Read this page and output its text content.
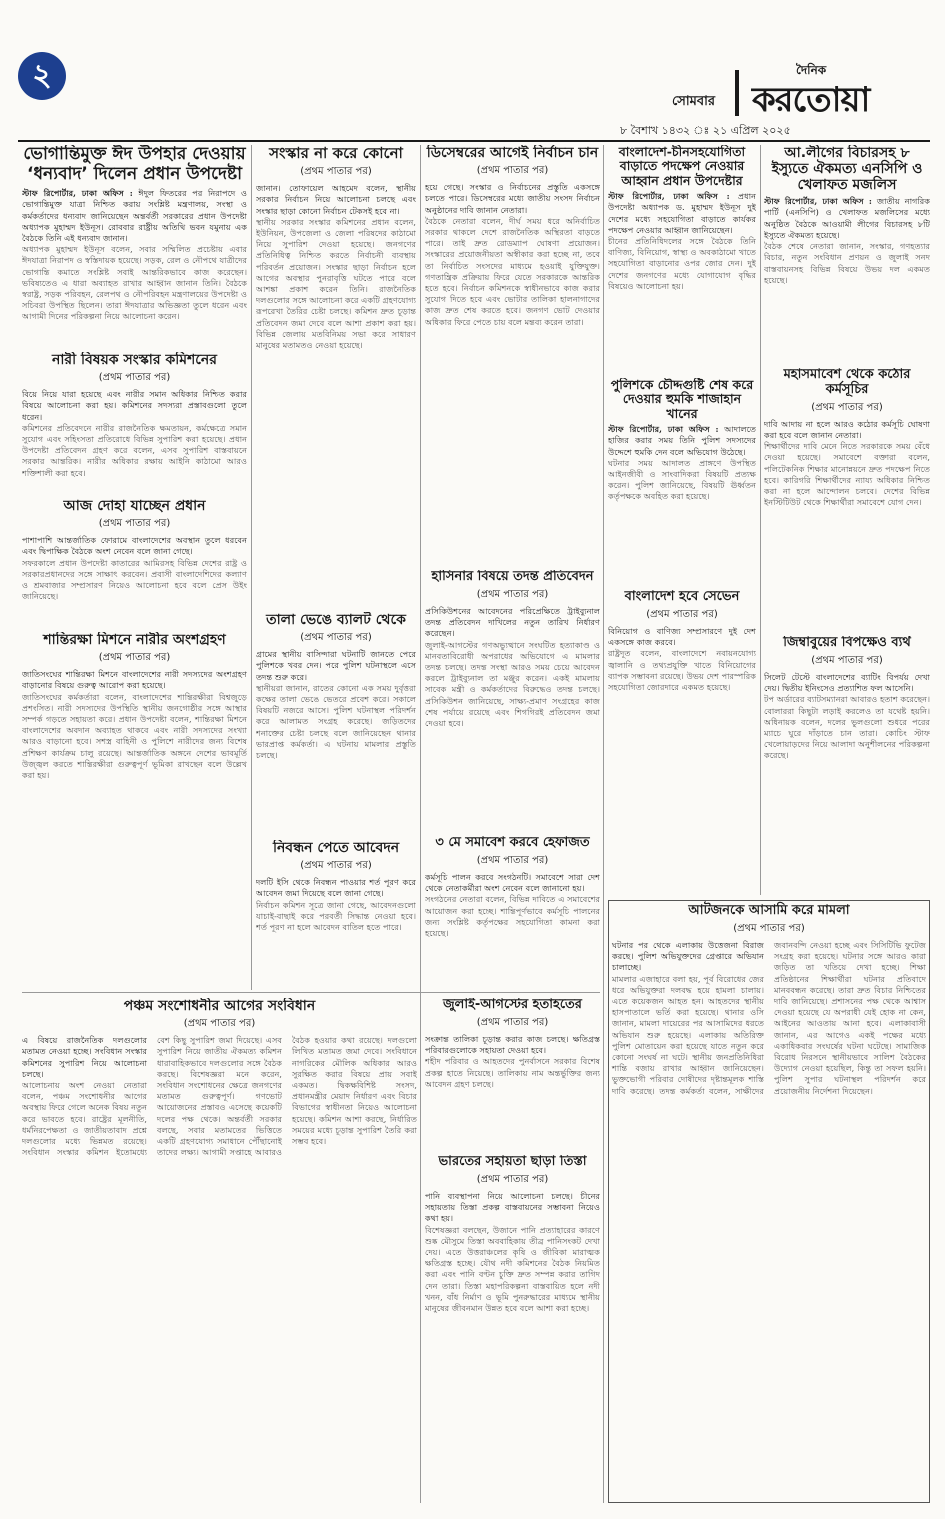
২
সোমবার
দৈনিক
করতোয়া
৮ বৈশাখ ১৪৩২ ঃ ২১ এপ্রিল ২০২৫
ভোগান্তিমুক্ত ঈদ উপহার দেওয়ায় ‘ধন্যবাদ’ দিলেন প্রধান উপদেষ্টা

স্টাফ রিপোর্টার, ঢাকা অফিস : ঈদুল ফিতরের পর নিরাপদে ও ভোগান্তিমুক্ত যাত্রা নিশ্চিত করায় সংশ্লিষ্ট মন্ত্রণালয়, সংস্থা ও কর্মকর্তাদের ধন্যবাদ জানিয়েছেন অন্তর্বর্তী সরকারের প্রধান উপদেষ্টা অধ্যাপক মুহাম্মদ ইউনূস। রোববার রাষ্ট্রীয় অতিথি ভবন যমুনায় এক বৈঠকে তিনি এই ধন্যবাদ জানান।

অধ্যাপক মুহাম্মদ ইউনূস বলেন, সবার সম্মিলিত প্রচেষ্টায় এবার ঈদযাত্রা নিরাপদ ও স্বস্তিদায়ক হয়েছে। সড়ক, রেল ও নৌপথে যাত্রীদের ভোগান্তি কমাতে সংশ্লিষ্ট সবাই আন্তরিকভাবে কাজ করেছেন। ভবিষ্যতেও এ ধারা অব্যাহত রাখার আহ্বান জানান তিনি। বৈঠকে স্বরাষ্ট্র, সড়ক পরিবহন, রেলপথ ও নৌপরিবহন মন্ত্রণালয়ের উপদেষ্টা ও সচিবরা উপস্থিত ছিলেন। তারা ঈদযাত্রার অভিজ্ঞতা তুলে ধরেন এবং আগামী দিনের পরিকল্পনা নিয়ে আলোচনা করেন।

নারী বিষয়ক সংস্কার কমিশনের
(প্রথম পাতার পর)

বিয়ে নিয়ে যারা হয়েছে এবং নারীর সমান অধিকার নিশ্চিত করার বিষয়ে আলোচনা করা হয়। কমিশনের সদস্যরা প্রস্তাবগুলো তুলে ধরেন।

কমিশনের প্রতিবেদনে নারীর রাজনৈতিক ক্ষমতায়ন, কর্মক্ষেত্রে সমান সুযোগ এবং সহিংসতা প্রতিরোধে বিভিন্ন সুপারিশ করা হয়েছে। প্রধান উপদেষ্টা প্রতিবেদন গ্রহণ করে বলেন, এসব সুপারিশ বাস্তবায়নে সরকার আন্তরিক। নারীর অধিকার রক্ষায় আইনি কাঠামো আরও শক্তিশালী করা হবে।

আজ দোহা যাচ্ছেন প্রধান
(প্রথম পাতার পর)

পাশাপাশি আন্তর্জাতিক ফোরামে বাংলাদেশের অবস্থান তুলে ধরবেন এবং দ্বিপাক্ষিক বৈঠকে অংশ নেবেন বলে জানা গেছে।

সফরকালে প্রধান উপদেষ্টা কাতারের আমিরসহ বিভিন্ন দেশের রাষ্ট্র ও সরকারপ্রধানদের সঙ্গে সাক্ষাৎ করবেন। প্রবাসী বাংলাদেশিদের কল্যাণ ও শ্রমবাজার সম্প্রসারণ নিয়েও আলোচনা হবে বলে প্রেস উইং জানিয়েছে।

শান্তিরক্ষা মিশনে নারীর অংশগ্রহণ
(প্রথম পাতার পর)

জাতিসংঘের শান্তিরক্ষা মিশনে বাংলাদেশের নারী সদস্যদের অংশগ্রহণ বাড়ানোর বিষয়ে গুরুত্ব আরোপ করা হয়েছে।

জাতিসংঘের কর্মকর্তারা বলেন, বাংলাদেশের শান্তিরক্ষীরা বিশ্বজুড়ে প্রশংসিত। নারী সদস্যদের উপস্থিতি স্থানীয় জনগোষ্ঠীর সঙ্গে আস্থার সম্পর্ক গড়তে সহায়তা করে। প্রধান উপদেষ্টা বলেন, শান্তিরক্ষা মিশনে বাংলাদেশের অবদান অব্যাহত থাকবে এবং নারী সদস্যদের সংখ্যা আরও বাড়ানো হবে। সশস্ত্র বাহিনী ও পুলিশে নারীদের জন্য বিশেষ প্রশিক্ষণ কার্যক্রম চালু রয়েছে। আন্তর্জাতিক অঙ্গনে দেশের ভাবমূর্তি উজ্জ্বল করতে শান্তিরক্ষীরা গুরুত্বপূর্ণ ভূমিকা রাখছেন বলে উল্লেখ করা হয়।

সংস্কার না করে কোনো
(প্রথম পাতার পর)

জানান। তোফায়েল আহমেদ বলেন, স্থানীয় সরকার নির্বাচন নিয়ে আলোচনা চলছে এবং সংস্কার ছাড়া কোনো নির্বাচন টেকসই হবে না।

স্থানীয় সরকার সংস্কার কমিশনের প্রধান বলেন, ইউনিয়ন, উপজেলা ও জেলা পরিষদের কাঠামো নিয়ে সুপারিশ দেওয়া হয়েছে। জনগণের প্রতিনিধিত্ব নিশ্চিত করতে নির্বাচনী ব্যবস্থায় পরিবর্তন প্রয়োজন। সংস্কার ছাড়া নির্বাচন হলে আগের অবস্থার পুনরাবৃত্তি ঘটতে পারে বলে আশঙ্কা প্রকাশ করেন তিনি। রাজনৈতিক দলগুলোর সঙ্গে আলোচনা করে একটি গ্রহণযোগ্য রূপরেখা তৈরির চেষ্টা চলছে। কমিশন দ্রুত চূড়ান্ত প্রতিবেদন জমা দেবে বলে আশা প্রকাশ করা হয়। বিভিন্ন জেলায় মতবিনিময় সভা করে সাধারণ মানুষের মতামতও নেওয়া হয়েছে।

তালা ভেঙে ব্যালট থেকে
(প্রথম পাতার পর)

গ্রামের স্থানীয় বাসিন্দারা ঘটনাটি জানতে পেরে পুলিশকে খবর দেন। পরে পুলিশ ঘটনাস্থলে এসে তদন্ত শুরু করে।

স্থানীয়রা জানান, রাতের কোনো এক সময় দুর্বৃত্তরা কক্ষের তালা ভেঙে ভেতরে প্রবেশ করে। সকালে বিষয়টি নজরে আসে। পুলিশ ঘটনাস্থল পরিদর্শন করে আলামত সংগ্রহ করেছে। জড়িতদের শনাক্তের চেষ্টা চলছে বলে জানিয়েছেন থানার ভারপ্রাপ্ত কর্মকর্তা। এ ঘটনায় মামলার প্রস্তুতি চলছে।

নিবন্ধন পেতে আবেদন
(প্রথম পাতার পর)

দলটি ইসি থেকে নিবন্ধন পাওয়ার শর্ত পূরণ করে আবেদন জমা দিয়েছে বলে জানা গেছে।

নির্বাচন কমিশন সূত্রে জানা গেছে, আবেদনগুলো যাচাই-বাছাই করে পরবর্তী সিদ্ধান্ত নেওয়া হবে। শর্ত পূরণ না হলে আবেদন বাতিল হতে পারে।

ডিসেম্বরের আগেই নির্বাচন চান
(প্রথম পাতার পর)

হয়ে গেছে। সংস্কার ও নির্বাচনের প্রস্তুতি একসঙ্গে চলতে পারে। ডিসেম্বরের মধ্যে জাতীয় সংসদ নির্বাচন অনুষ্ঠানের দাবি জানান নেতারা।

বৈঠকে নেতারা বলেন, দীর্ঘ সময় ধরে অনির্বাচিত সরকার থাকলে দেশে রাজনৈতিক অস্থিরতা বাড়তে পারে। তাই দ্রুত রোডম্যাপ ঘোষণা প্রয়োজন। সংস্কারের প্রয়োজনীয়তা অস্বীকার করা হচ্ছে না, তবে তা নির্বাচিত সংসদের মাধ্যমে হওয়াই যুক্তিযুক্ত। গণতান্ত্রিক প্রক্রিয়ায় ফিরে যেতে সরকারকে আন্তরিক হতে হবে। নির্বাচন কমিশনকে স্বাধীনভাবে কাজ করার সুযোগ দিতে হবে এবং ভোটার তালিকা হালনাগাদের কাজ দ্রুত শেষ করতে হবে। জনগণ ভোট দেওয়ার অধিকার ফিরে পেতে চায় বলে মন্তব্য করেন তারা।

হাসিনার বিষয়ে তদন্ত প্রতিবেদন
(প্রথম পাতার পর)

প্রসিকিউশনের আবেদনের পরিপ্রেক্ষিতে ট্রাইব্যুনাল তদন্ত প্রতিবেদন দাখিলের নতুন তারিখ নির্ধারণ করেছেন।

জুলাই-আগস্টের গণঅভ্যুত্থানে সংঘটিত হত্যাকাণ্ড ও মানবতাবিরোধী অপরাধের অভিযোগে এ মামলার তদন্ত চলছে। তদন্ত সংস্থা আরও সময় চেয়ে আবেদন করলে ট্রাইব্যুনাল তা মঞ্জুর করেন। একই মামলায় সাবেক মন্ত্রী ও কর্মকর্তাদের বিরুদ্ধেও তদন্ত চলছে। প্রসিকিউশন জানিয়েছে, সাক্ষ্য-প্রমাণ সংগ্রহের কাজ শেষ পর্যায়ে রয়েছে এবং শিগগিরই প্রতিবেদন জমা দেওয়া হবে।

৩ মে সমাবেশ করবে হেফাজত
(প্রথম পাতার পর)

কর্মসূচি পালন করবে সংগঠনটি। সমাবেশে সারা দেশ থেকে নেতাকর্মীরা অংশ নেবেন বলে জানানো হয়।

সংগঠনের নেতারা বলেন, বিভিন্ন দাবিতে এ সমাবেশের আয়োজন করা হচ্ছে। শান্তিপূর্ণভাবে কর্মসূচি পালনের জন্য সংশ্লিষ্ট কর্তৃপক্ষের সহযোগিতা কামনা করা হয়েছে।

বাংলাদেশ-চীনসহযোগিতা বাড়াতে পদক্ষেপ নেওয়ার আহ্বান প্রধান উপদেষ্টার

স্টাফ রিপোর্টার, ঢাকা অফিস : প্রধান উপদেষ্টা অধ্যাপক ড. মুহাম্মদ ইউনূস দুই দেশের মধ্যে সহযোগিতা বাড়াতে কার্যকর পদক্ষেপ নেওয়ার আহ্বান জানিয়েছেন।

চীনের প্রতিনিধিদলের সঙ্গে বৈঠকে তিনি বাণিজ্য, বিনিয়োগ, স্বাস্থ্য ও অবকাঠামো খাতে সহযোগিতা বাড়ানোর ওপর জোর দেন। দুই দেশের জনগণের মধ্যে যোগাযোগ বৃদ্ধির বিষয়েও আলোচনা হয়।

পুলিশকে চৌদ্দগুষ্টি শেষ করে দেওয়ার হুমকি শাজাহান খানের

স্টাফ রিপোর্টার, ঢাকা অফিস : আদালতে হাজির করার সময় তিনি পুলিশ সদস্যদের উদ্দেশে হুমকি দেন বলে অভিযোগ উঠেছে।

ঘটনার সময় আদালত প্রাঙ্গণে উপস্থিত আইনজীবী ও সাংবাদিকরা বিষয়টি প্রত্যক্ষ করেন। পুলিশ জানিয়েছে, বিষয়টি ঊর্ধ্বতন কর্তৃপক্ষকে অবহিত করা হয়েছে।

বাংলাদেশ হবে সেভেন
(প্রথম পাতার পর)

বিনিয়োগ ও বাণিজ্য সম্প্রসারণে দুই দেশ একসঙ্গে কাজ করবে।

রাষ্ট্রদূত বলেন, বাংলাদেশে নবায়নযোগ্য জ্বালানি ও তথ্যপ্রযুক্তি খাতে বিনিয়োগের ব্যাপক সম্ভাবনা রয়েছে। উভয় দেশ পারস্পরিক সহযোগিতা জোরদারে একমত হয়েছে।

আ.লীগের বিচারসহ ৮ ইস্যুতে ঐকমত্য এনসিপি ও খেলাফত মজলিস

স্টাফ রিপোর্টার, ঢাকা অফিস : জাতীয় নাগরিক পার্টি (এনসিপি) ও খেলাফত মজলিসের মধ্যে অনুষ্ঠিত বৈঠকে আওয়ামী লীগের বিচারসহ ৮টি ইস্যুতে ঐকমত্য হয়েছে।

বৈঠক শেষে নেতারা জানান, সংস্কার, গণহত্যার বিচার, নতুন সংবিধান প্রণয়ন ও জুলাই সনদ বাস্তবায়নসহ বিভিন্ন বিষয়ে উভয় দল একমত হয়েছে।

মহাসমাবেশ থেকে কঠোর কর্মসূচির
(প্রথম পাতার পর)

দাবি আদায় না হলে আরও কঠোর কর্মসূচি ঘোষণা করা হবে বলে জানান নেতারা।

শিক্ষার্থীদের দাবি মেনে নিতে সরকারকে সময় বেঁধে দেওয়া হয়েছে। সমাবেশে বক্তারা বলেন, পলিটেকনিক শিক্ষার মানোন্নয়নে দ্রুত পদক্ষেপ নিতে হবে। কারিগরি শিক্ষার্থীদের ন্যায্য অধিকার নিশ্চিত করা না হলে আন্দোলন চলবে। দেশের বিভিন্ন ইনস্টিটিউট থেকে শিক্ষার্থীরা সমাবেশে যোগ দেন।

জিম্বাবুয়ের বিপক্ষেও ব্যর্থ
(প্রথম পাতার পর)

সিলেট টেস্টে বাংলাদেশের ব্যাটিং বিপর্যয় দেখা দেয়। দ্বিতীয় ইনিংসেও প্রত্যাশিত ফল আসেনি।

টপ অর্ডারের ব্যাটসম্যানরা আবারও হতাশ করেছেন। বোলাররা কিছুটা লড়াই করলেও তা যথেষ্ট হয়নি। অধিনায়ক বলেন, দলের ভুলগুলো শুধরে পরের ম্যাচে ঘুরে দাঁড়াতে চান তারা। কোচিং স্টাফ খেলোয়াড়দের নিয়ে আলাদা অনুশীলনের পরিকল্পনা করেছে।

পঞ্চম সংশোধনীর আগের সংবিধান
(প্রথম পাতার পর)

এ বিষয়ে রাজনৈতিক দলগুলোর মতামত নেওয়া হচ্ছে। সংবিধান সংস্কার কমিশনের সুপারিশ নিয়ে আলোচনা চলছে।

আলোচনায় অংশ নেওয়া নেতারা বলেন, পঞ্চম সংশোধনীর আগের অবস্থায় ফিরে গেলে অনেক বিষয় নতুন করে ভাবতে হবে। রাষ্ট্রের মূলনীতি, ধর্মনিরপেক্ষতা ও জাতীয়তাবাদ প্রশ্নে দলগুলোর মধ্যে ভিন্নমত রয়েছে। সংবিধান সংস্কার কমিশন ইতোমধ্যে বেশ কিছু সুপারিশ জমা দিয়েছে। এসব সুপারিশ নিয়ে জাতীয় ঐকমত্য কমিশন ধারাবাহিকভাবে দলগুলোর সঙ্গে বৈঠক করছে। বিশেষজ্ঞরা মনে করেন, সংবিধান সংশোধনের ক্ষেত্রে জনগণের মতামত গুরুত্বপূর্ণ। গণভোট আয়োজনের প্রস্তাবও এসেছে কয়েকটি দলের পক্ষ থেকে। অন্তর্বর্তী সরকার বলছে, সবার মতামতের ভিত্তিতে একটি গ্রহণযোগ্য সমাধানে পৌঁছানোই তাদের লক্ষ্য। আগামী সপ্তাহে আবারও বৈঠক হওয়ার কথা রয়েছে। দলগুলো লিখিত মতামত জমা দেবে। সংবিধানে নাগরিকের মৌলিক অধিকার আরও সুরক্ষিত করার বিষয়ে প্রায় সবাই একমত। দ্বিকক্ষবিশিষ্ট সংসদ, প্রধানমন্ত্রীর মেয়াদ নির্ধারণ এবং বিচার বিভাগের স্বাধীনতা নিয়েও আলোচনা হয়েছে। কমিশন আশা করছে, নির্ধারিত সময়ের মধ্যে চূড়ান্ত সুপারিশ তৈরি করা সম্ভব হবে।

জুলাই-আগস্টের হতাহতের
(প্রথম পাতার পর)

সংক্রান্ত তালিকা চূড়ান্ত করার কাজ চলছে। ক্ষতিগ্রস্ত পরিবারগুলোকে সহায়তা দেওয়া হবে।

শহীদ পরিবার ও আহতদের পুনর্বাসনে সরকার বিশেষ প্রকল্প হাতে নিয়েছে। তালিকায় নাম অন্তর্ভুক্তির জন্য আবেদন গ্রহণ চলছে।

ভারতের সহায়তা ছাড়া তিস্তা
(প্রথম পাতার পর)

পানি ব্যবস্থাপনা নিয়ে আলোচনা চলছে। চীনের সহায়তায় তিস্তা প্রকল্প বাস্তবায়নের সম্ভাবনা নিয়েও কথা হয়।

বিশেষজ্ঞরা বলছেন, উজানে পানি প্রত্যাহারের কারণে শুষ্ক মৌসুমে তিস্তা অববাহিকায় তীব্র পানিসংকট দেখা দেয়। এতে উত্তরাঞ্চলের কৃষি ও জীবিকা মারাত্মক ক্ষতিগ্রস্ত হচ্ছে। যৌথ নদী কমিশনের বৈঠক নিয়মিত করা এবং পানি বণ্টন চুক্তি দ্রুত সম্পন্ন করার তাগিদ দেন তারা। তিস্তা মহাপরিকল্পনা বাস্তবায়িত হলে নদী খনন, বাঁধ নির্মাণ ও ভূমি পুনরুদ্ধারের মাধ্যমে স্থানীয় মানুষের জীবনমান উন্নত হবে বলে আশা করা হচ্ছে।

আটজনকে আসামি করে মামলা
(প্রথম পাতার পর)

ঘটনার পর থেকে এলাকায় উত্তেজনা বিরাজ করছে। পুলিশ অভিযুক্তদের গ্রেপ্তারে অভিযান চালাচ্ছে।

মামলার এজাহারে বলা হয়, পূর্ব বিরোধের জের ধরে অভিযুক্তরা দলবদ্ধ হয়ে হামলা চালায়। এতে কয়েকজন আহত হন। আহতদের স্থানীয় হাসপাতালে ভর্তি করা হয়েছে। থানার ওসি জানান, মামলা দায়েরের পর আসামিদের ধরতে অভিযান শুরু হয়েছে। এলাকায় অতিরিক্ত পুলিশ মোতায়েন করা হয়েছে যাতে নতুন করে কোনো সংঘর্ষ না ঘটে। স্থানীয় জনপ্রতিনিধিরা শান্তি বজায় রাখার আহ্বান জানিয়েছেন। ভুক্তভোগী পরিবার দোষীদের দৃষ্টান্তমূলক শাস্তি দাবি করেছে। তদন্ত কর্মকর্তা বলেন, সাক্ষীদের জবানবন্দি নেওয়া হচ্ছে এবং সিসিটিভি ফুটেজ সংগ্রহ করা হয়েছে। ঘটনার সঙ্গে আরও কারা জড়িত তা খতিয়ে দেখা হচ্ছে। শিক্ষা প্রতিষ্ঠানের শিক্ষার্থীরা ঘটনার প্রতিবাদে মানববন্ধন করেছে। তারা দ্রুত বিচার নিশ্চিতের দাবি জানিয়েছে। প্রশাসনের পক্ষ থেকে আশ্বাস দেওয়া হয়েছে যে অপরাধী যেই হোক না কেন, আইনের আওতায় আনা হবে। এলাকাবাসী জানান, এর আগেও একই পক্ষের মধ্যে একাধিকবার সংঘর্ষের ঘটনা ঘটেছে। সামাজিক বিরোধ নিরসনে স্থানীয়ভাবে সালিশ বৈঠকের উদ্যোগ নেওয়া হয়েছিল, কিন্তু তা সফল হয়নি। পুলিশ সুপার ঘটনাস্থল পরিদর্শন করে প্রয়োজনীয় নির্দেশনা দিয়েছেন।
